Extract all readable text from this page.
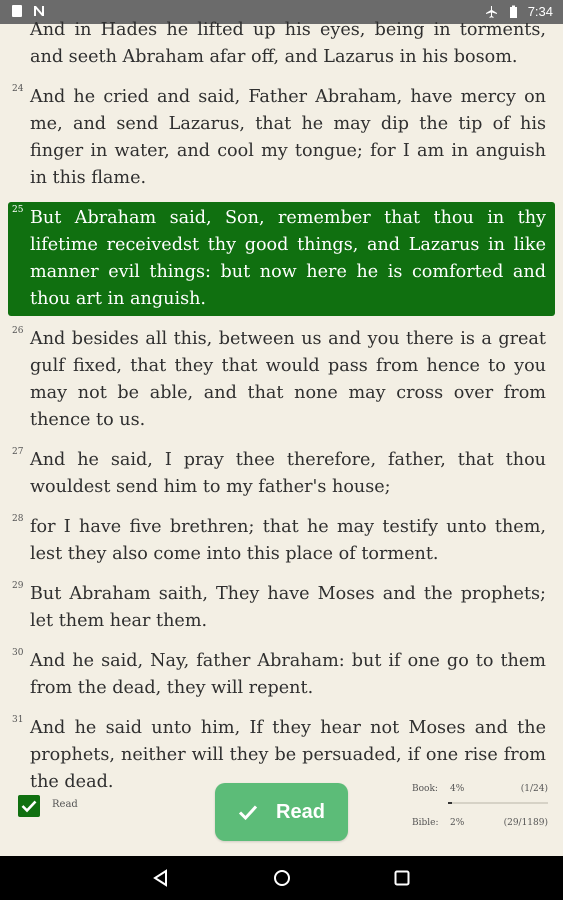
7:34
And in Hades he lifted up his eyes, being in torments, and seeth Abraham afar off, and Lazarus in his bosom.
24 And he cried and said, Father Abraham, have mercy on me, and send Lazarus, that he may dip the tip of his finger in water, and cool my tongue; for I am in anguish in this flame.
25 But Abraham said, Son, remember that thou in thy lifetime receivedst thy good things, and Lazarus in like manner evil things: but now here he is comforted and thou art in anguish.
26 And besides all this, between us and you there is a great gulf fixed, that they that would pass from hence to you may not be able, and that none may cross over from thence to us.
27 And he said, I pray thee therefore, father, that thou wouldest send him to my father's house;
28 for I have five brethren; that he may testify unto them, lest they also come into this place of torment.
29 But Abraham saith, They have Moses and the prophets; let them hear them.
30 And he said, Nay, father Abraham: but if one go to them from the dead, they will repent.
31 And he said unto him, If they hear not Moses and the prophets, neither will they be persuaded, if one rise from the dead.
Read	Read
Book: 4%	(1/24)
Bible: 2%	(29/1189)
